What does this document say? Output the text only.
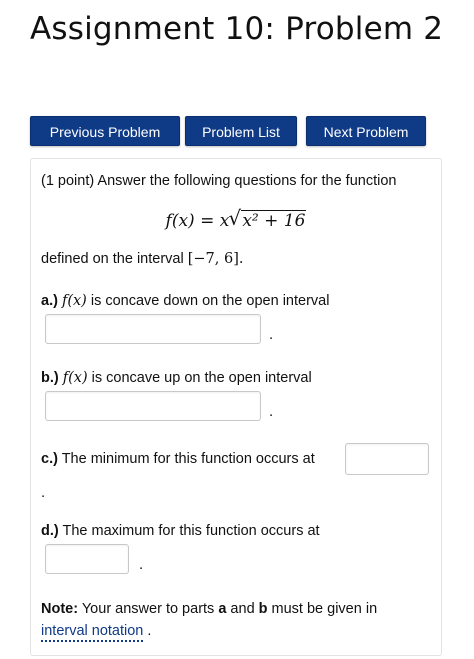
Assignment 10: Problem 2
Previous Problem	Problem List	Next Problem
(1 point) Answer the following questions for the function
f(x) = x √ x² + 16
defined on the interval [−7, 6].
a.) f(x) is concave down on the open interval
.
b.) f(x) is concave up on the open interval
.
c.) The minimum for this function occurs at
.
d.) The maximum for this function occurs at
.
Note: Your answer to parts a and b must be given in
interval notation .
